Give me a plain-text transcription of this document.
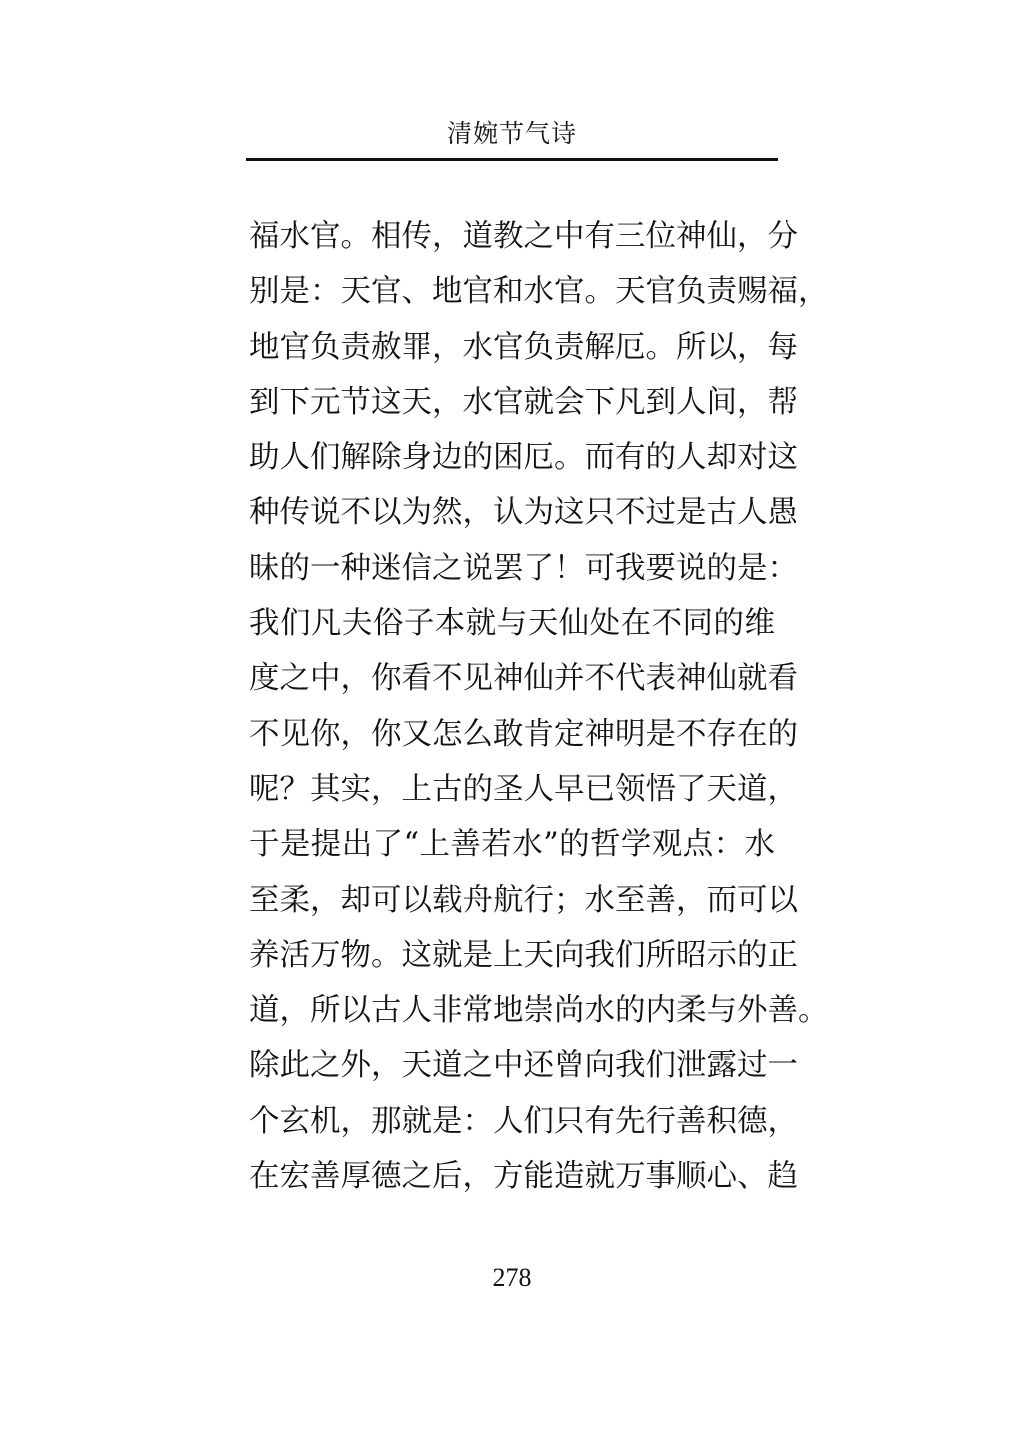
清婉节气诗
福水官。相传，道教之中有三位神仙，分
别是：天官、地官和水官。天官负责赐福，
地官负责赦罪，水官负责解厄。所以，每
到下元节这天，水官就会下凡到人间，帮
助人们解除身边的困厄。而有的人却对这
种传说不以为然，认为这只不过是古人愚
昧的一种迷信之说罢了！可我要说的是：
我们凡夫俗子本就与天仙处在不同的维
度之中，你看不见神仙并不代表神仙就看
不见你，你又怎么敢肯定神明是不存在的
呢？其实，上古的圣人早已领悟了天道，
于是提出了“上善若水”的哲学观点：水
至柔，却可以载舟航行；水至善，而可以
养活万物。这就是上天向我们所昭示的正
道，所以古人非常地崇尚水的内柔与外善。
除此之外，天道之中还曾向我们泄露过一
个玄机，那就是：人们只有先行善积德，
在宏善厚德之后，方能造就万事顺心、趋
278
